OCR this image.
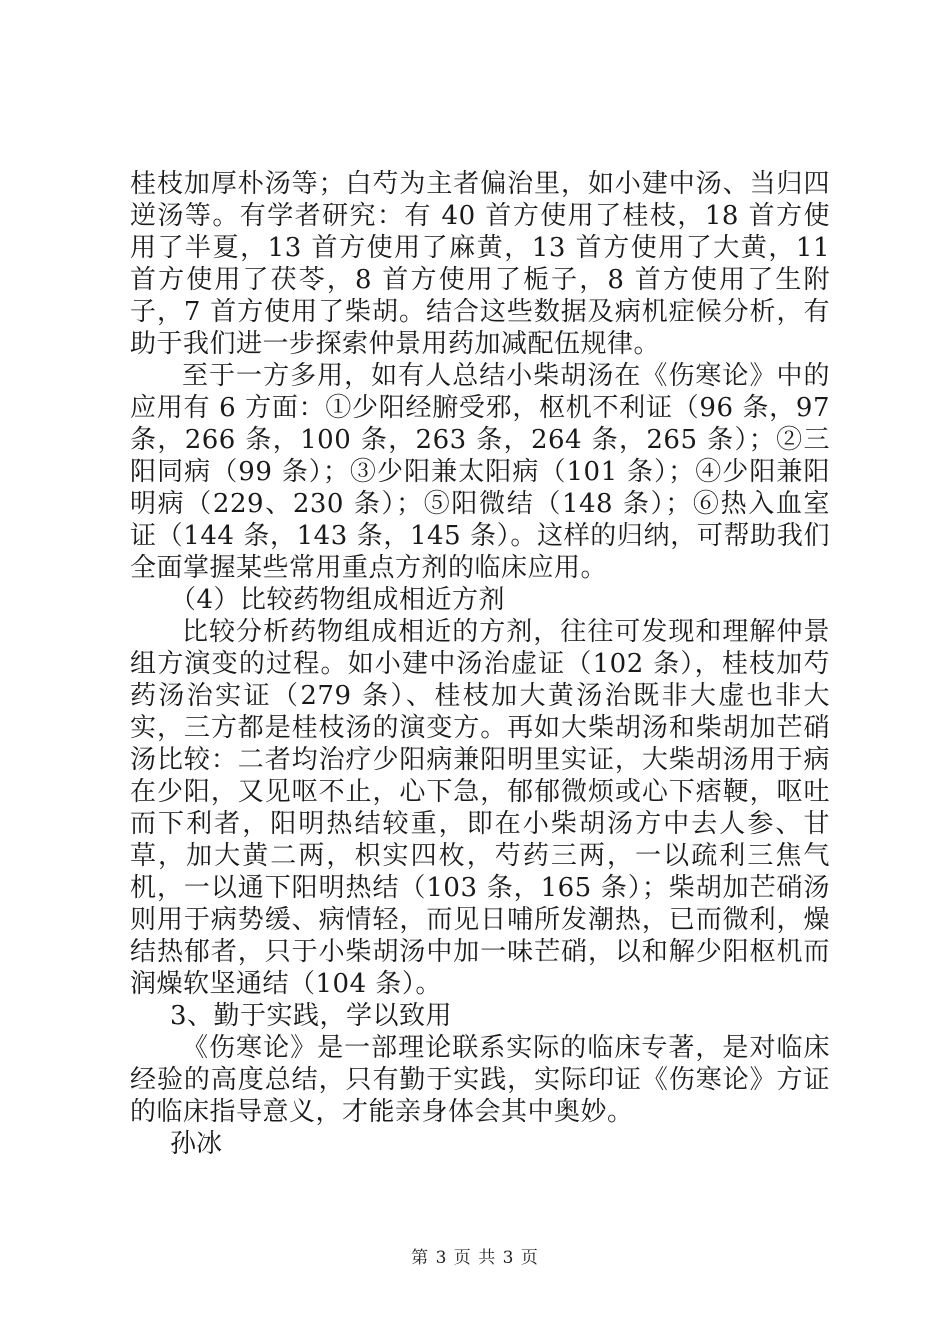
桂枝加厚朴汤等；白芍为主者偏治里，如小建中汤、当归四逆汤等。有学者研究：有 40 首方使用了桂枝，18 首方使用了半夏，13 首方使用了麻黄，13 首方使用了大黄，11 首方使用了茯苓，8 首方使用了栀子，8 首方使用了生附子，7 首方使用了柴胡。结合这些数据及病机症候分析，有助于我们进一步探索仲景用药加减配伍规律。

至于一方多用，如有人总结小柴胡汤在《伤寒论》中的应用有 6 方面：①少阳经腑受邪，枢机不利证（96 条，97 条，266 条，100 条，263 条，264 条，265 条）；②三阳同病（99 条）；③少阳兼太阳病（101 条）；④少阳兼阳明病（229、230 条）；⑤阳微结（148 条）；⑥热入血室证（144 条，143 条，145 条）。这样的归纳，可帮助我们全面掌握某些常用重点方剂的临床应用。

（4）比较药物组成相近方剂

比较分析药物组成相近的方剂，往往可发现和理解仲景组方演变的过程。如小建中汤治虚证（102 条），桂枝加芍药汤治实证（279 条）、桂枝加大黄汤治既非大虚也非大实，三方都是桂枝汤的演变方。再如大柴胡汤和柴胡加芒硝汤比较：二者均治疗少阳病兼阳明里实证，大柴胡汤用于病在少阳，又见呕不止，心下急，郁郁微烦或心下痞鞕，呕吐而下利者，阳明热结较重，即在小柴胡汤方中去人参、甘草，加大黄二两，枳实四枚，芍药三两，一以疏利三焦气机，一以通下阳明热结（103 条，165 条）；柴胡加芒硝汤则用于病势缓、病情轻，而见日哺所发潮热，已而微利，燥结热郁者，只于小柴胡汤中加一味芒硝，以和解少阳枢机而润燥软坚通结（104 条）。

3、勤于实践，学以致用

《伤寒论》是一部理论联系实际的临床专著，是对临床经验的高度总结，只有勤于实践，实际印证《伤寒论》方证的临床指导意义，才能亲身体会其中奥妙。

孙冰

第 3 页 共 3 页
